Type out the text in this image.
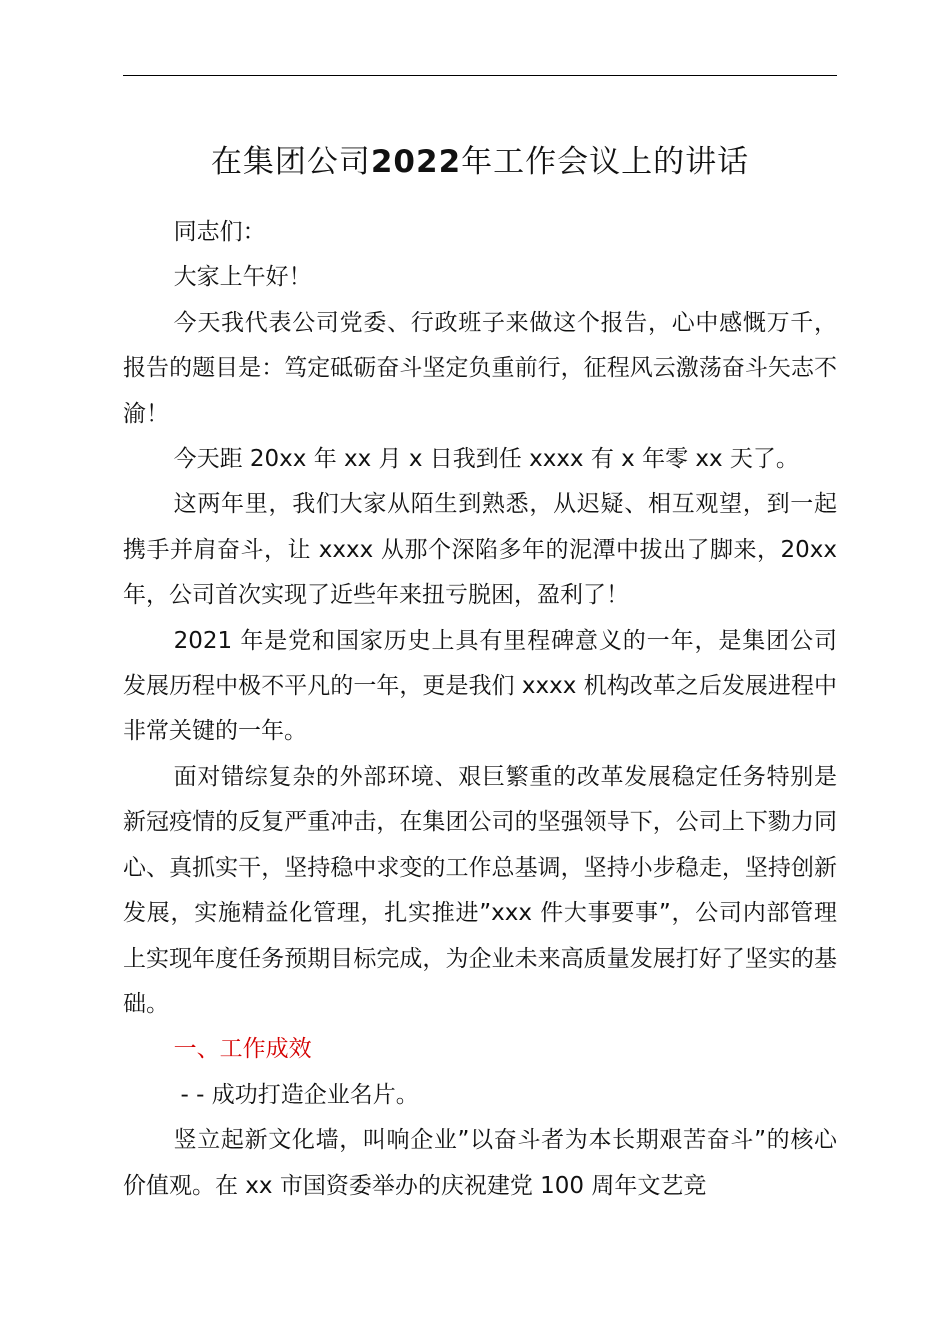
在集团公司2022年工作会议上的讲话

同志们：

大家上午好！

今天我代表公司党委、行政班子来做这个报告，心中感慨万千，报告的题目是：笃定砥砺奋斗坚定负重前行，征程风云激荡奋斗矢志不渝！

今天距 20xx 年 xx 月 x 日我到任 xxxx 有 x 年零 xx 天了。

这两年里，我们大家从陌生到熟悉，从迟疑、相互观望，到一起携手并肩奋斗，让 xxxx 从那个深陷多年的泥潭中拔出了脚来，20xx 年，公司首次实现了近些年来扭亏脱困，盈利了！

2021 年是党和国家历史上具有里程碑意义的一年，是集团公司发展历程中极不平凡的一年，更是我们 xxxx 机构改革之后发展进程中非常关键的一年。

面对错综复杂的外部环境、艰巨繁重的改革发展稳定任务特别是新冠疫情的反复严重冲击，在集团公司的坚强领导下，公司上下勠力同心、真抓实干，坚持稳中求变的工作总基调，坚持小步稳走，坚持创新发展，实施精益化管理，扎实推进”xxx 件大事要事”，公司内部管理上实现年度任务预期目标完成，为企业未来高质量发展打好了坚实的基础。

一、工作成效

- - 成功打造企业名片。

竖立起新文化墙，叫响企业”以奋斗者为本长期艰苦奋斗”的核心价值观。在 xx 市国资委举办的庆祝建党 100 周年文艺竞
